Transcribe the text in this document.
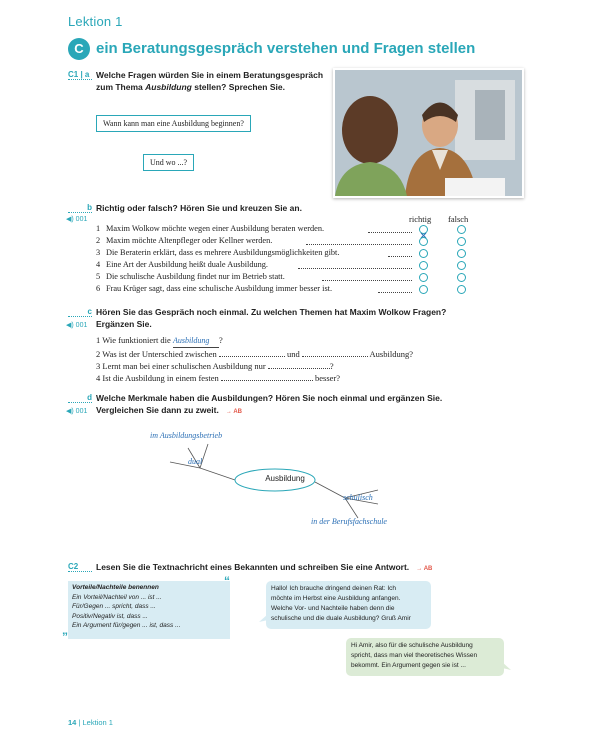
Lektion 1
C ein Beratungsgespräch verstehen und Fragen stellen
C1 | a Welche Fragen würden Sie in einem Beratungsgespräch
zum Thema Ausbildung stellen? Sprechen Sie.
Wann kann man eine Ausbildung beginnen?
Und wo ...?
b
◀) 001
Richtig oder falsch? Hören Sie und kreuzen Sie an.
richtig falsch
1 Maxim Wolkow möchte wegen einer Ausbildung beraten werden.
2 Maxim möchte Altenpfleger oder Kellner werden.
3 Die Beraterin erklärt, dass es mehrere Ausbildungsmöglichkeiten gibt.
4 Eine Art der Ausbildung heißt duale Ausbildung.
5 Die schulische Ausbildung findet nur im Betrieb statt.
6 Frau Krüger sagt, dass eine schulische Ausbildung immer besser ist.
c
◀) 001
Hören Sie das Gespräch noch einmal. Zu welchen Themen hat Maxim Wolkow Fragen?
Ergänzen Sie.
1 Wie funktioniert die Ausbildung ?
2 Was ist der Unterschied zwischen	und	Ausbildung?
3 Lernt man bei einer schulischen Ausbildung nur	?
4 Ist die Ausbildung in einem festen	besser?
d
◀) 001
Welche Merkmale haben die Ausbildungen? Hören Sie noch einmal und ergänzen Sie.
Vergleichen Sie dann zu zweit. → AB
Ausbildung
im Ausbildungsbetrieb
dual
schulisch
in der Berufsfachschule
C2	Lesen Sie die Textnachricht eines Bekannten und schreiben Sie eine Antwort. → AB
Vorteile/Nachteile benennen
Ein Vorteil/Nachteil von ... ist ...
Für/Gegen ... spricht, dass ...
Positiv/Negativ ist, dass ...
Ein Argument für/gegen ... ist, dass ...
“
”
Hallo! Ich brauche dringend deinen Rat: Ich
möchte im Herbst eine Ausbildung anfangen.
Welche Vor- und Nachteile haben denn die
schulische und die duale Ausbildung? Gruß Amir
Hi Amir, also für die schulische Ausbildung
spricht, dass man viel theoretisches Wissen
bekommt. Ein Argument gegen sie ist ...
14 | Lektion 1
